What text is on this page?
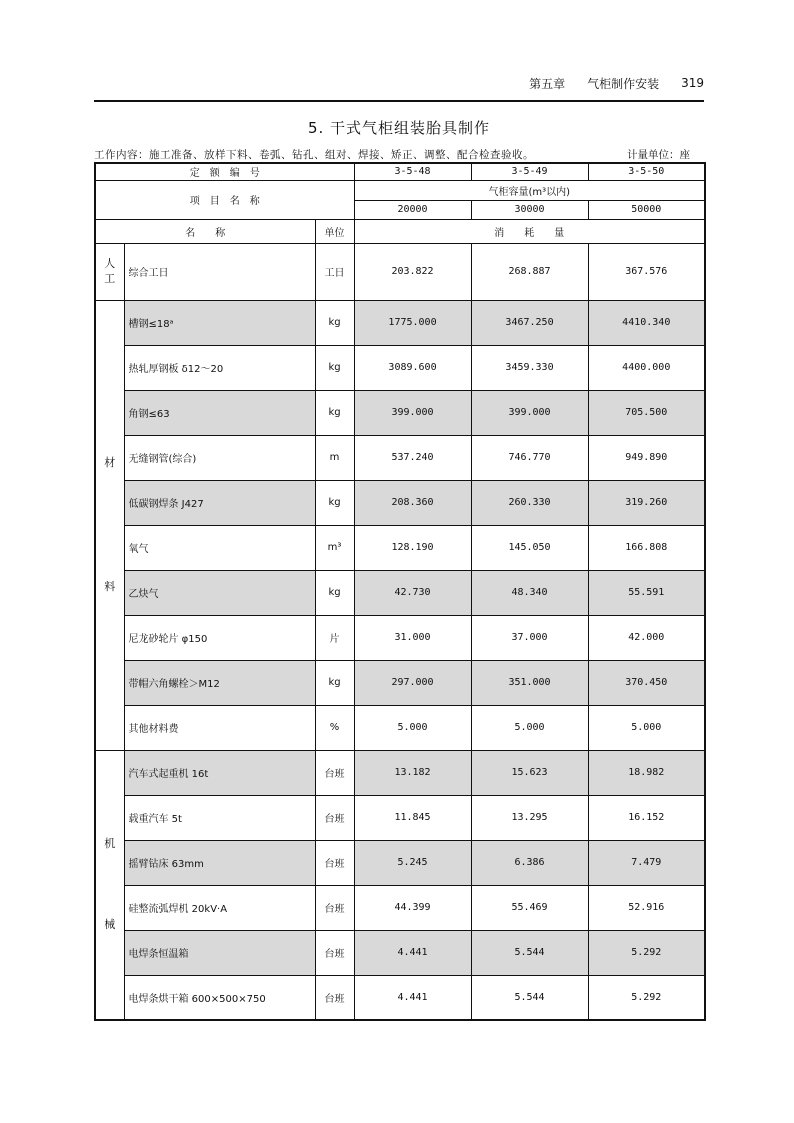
第五章 气柜制作安装 319
5. 干式气柜组装胎具制作
工作内容：施工准备、放样下料、卷弧、钻孔、组对、焊接、矫正、调整、配合检查验收。	计量单位：座
定　额　编　号			3-5-48	3-5-49	3-5-50
项　目　名　称			气柜容量(m³以内)		
			20000	30000	50000
名　　称		单位	消　　耗　　量		

人
工	综合工日	工日	203.822	268.887	367.576

材
料	槽钢≤18ᵃ	kg	1775.000	3467.250	4410.340
	热轧厚钢板 δ12～20	kg	3089.600	3459.330	4400.000
	角钢≤63	kg	399.000	399.000	705.500
	无缝钢管(综合)	m	537.240	746.770	949.890
	低碳钢焊条 J427	kg	208.360	260.330	319.260
	氧气	m³	128.190	145.050	166.808
	乙炔气	kg	42.730	48.340	55.591
	尼龙砂轮片 φ150	片	31.000	37.000	42.000
	带帽六角螺栓＞M12	kg	297.000	351.000	370.450
	其他材料费	%	5.000	5.000	5.000

机
械	汽车式起重机 16t	台班	13.182	15.623	18.982
	载重汽车 5t	台班	11.845	13.295	16.152
	摇臂钻床 63mm	台班	5.245	6.386	7.479
	硅整流弧焊机 20kV·A	台班	44.399	55.469	52.916
	电焊条恒温箱	台班	4.441	5.544	5.292
	电焊条烘干箱 600×500×750	台班	4.441	5.544	5.292
